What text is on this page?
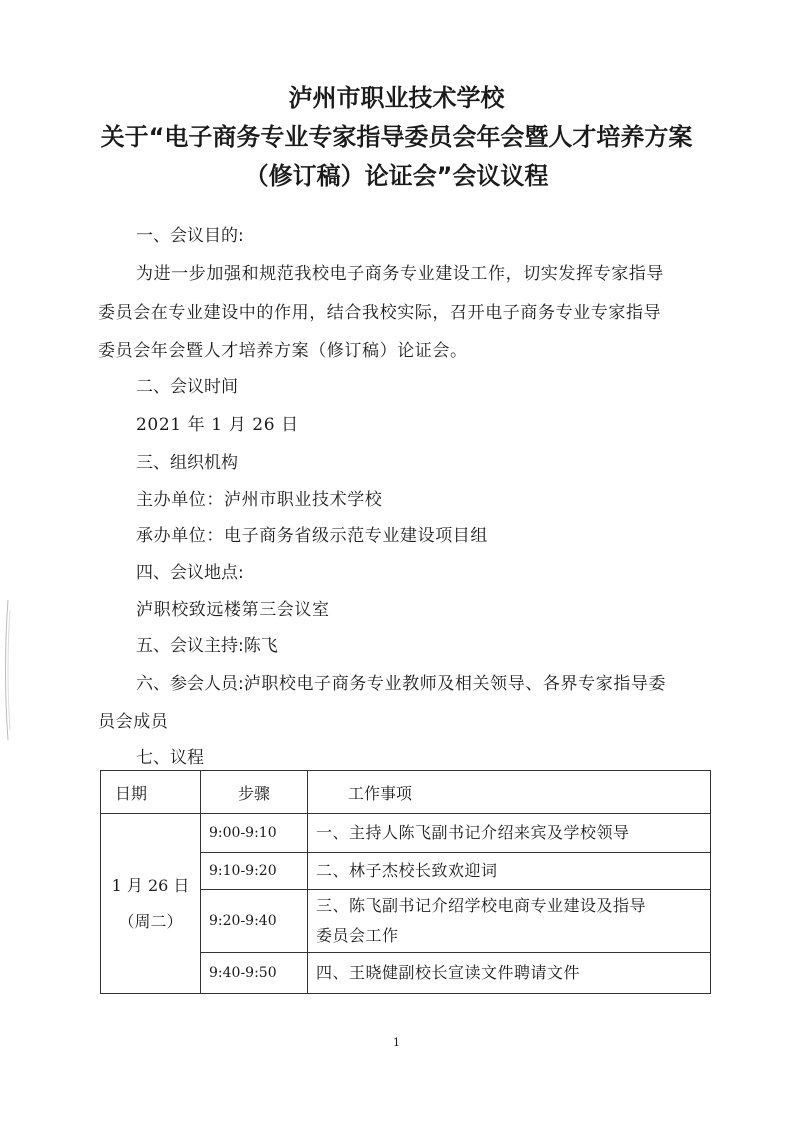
泸州市职业技术学校
关于“电子商务专业专家指导委员会年会暨人才培养方案
（修订稿）论证会”会议议程

一、会议目的:

为进一步加强和规范我校电子商务专业建设工作，切实发挥专家指导

委员会在专业建设中的作用，结合我校实际，召开电子商务专业专家指导

委员会年会暨人才培养方案（修订稿）论证会。

二、会议时间

2021 年 1 月 26 日

三、组织机构

主办单位：泸州市职业技术学校

承办单位：电子商务省级示范专业建设项目组

四、会议地点:

泸职校致远楼第三会议室

五、会议主持:陈飞

六、参会人员:泸职校电子商务专业教师及相关领导、各界专家指导委

员会成员

七、议程

日期	步骤	工作事项

1 月 26 日
（周二）	9:00-9:10	一、主持人陈飞副书记介绍来宾及学校领导
	9:10-9:20	二、林子杰校长致欢迎词
	9:20-9:40	三、陈飞副书记介绍学校电商专业建设及指导
委员会工作

	9:40-9:50	四、王晓健副校长宣读文件聘请文件

1
